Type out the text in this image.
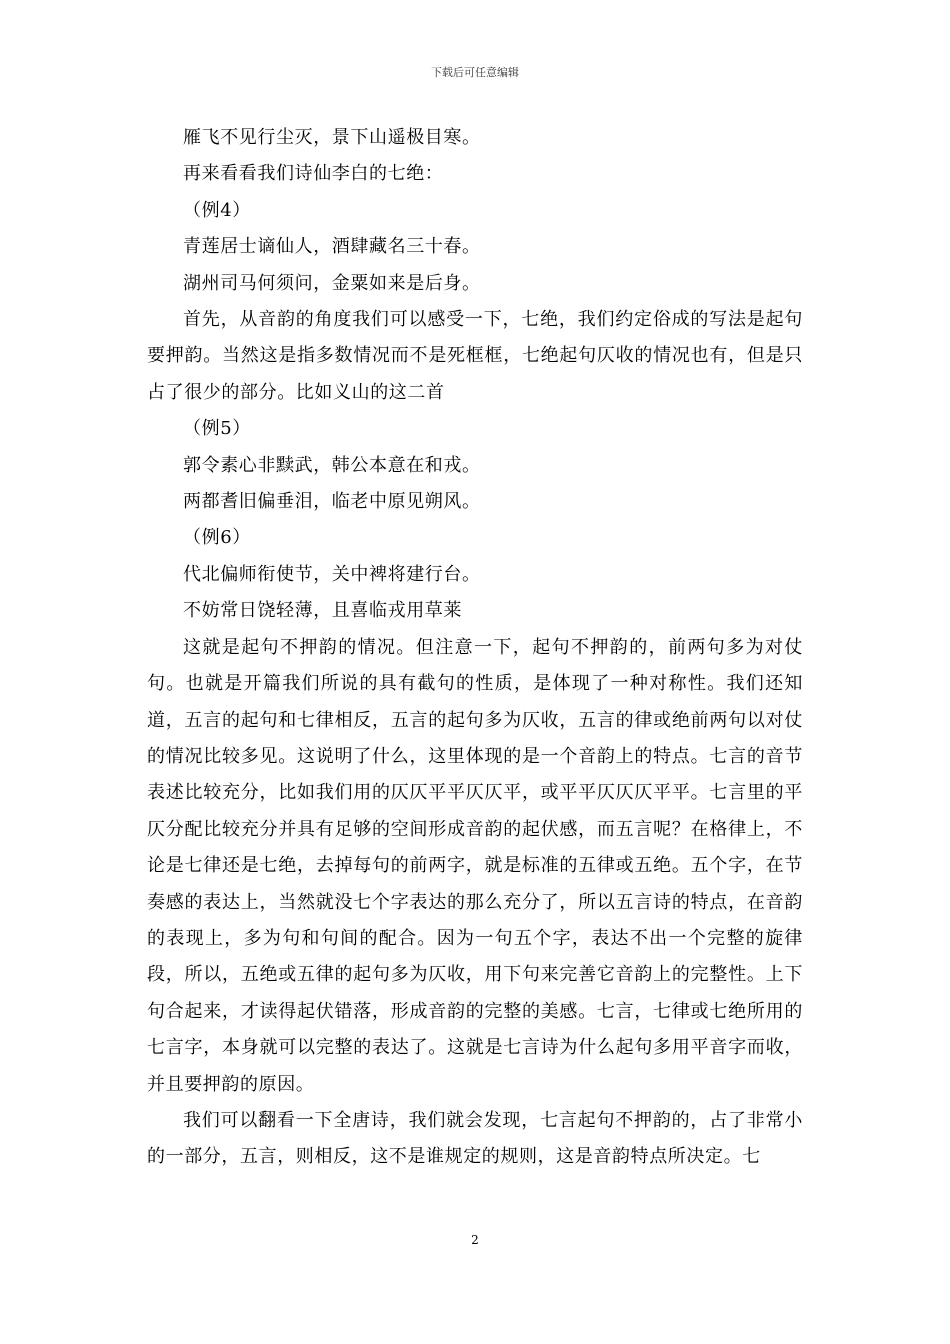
下载后可任意编辑

雁飞不见行尘灭，景下山遥极目寒。

再来看看我们诗仙李白的七绝：

（例4）

青莲居士谪仙人，酒肆藏名三十春。

湖州司马何须问，金粟如来是后身。

首先，从音韵的角度我们可以感受一下，七绝，我们约定俗成的写法是起句要押韵。当然这是指多数情况而不是死框框，七绝起句仄收的情况也有，但是只占了很少的部分。比如义山的这二首

（例5）

郭令素心非黩武，韩公本意在和戎。

两都耆旧偏垂泪，临老中原见朔风。

（例6）

代北偏师衔使节，关中裨将建行台。

不妨常日饶轻薄，且喜临戎用草莱

这就是起句不押韵的情况。但注意一下，起句不押韵的，前两句多为对仗句。也就是开篇我们所说的具有截句的性质，是体现了一种对称性。我们还知道，五言的起句和七律相反，五言的起句多为仄收，五言的律或绝前两句以对仗的情况比较多见。这说明了什么，这里体现的是一个音韵上的特点。七言的音节表述比较充分，比如我们用的仄仄平平仄仄平，或平平仄仄仄平平。七言里的平仄分配比较充分并具有足够的空间形成音韵的起伏感，而五言呢？在格律上，不论是七律还是七绝，去掉每句的前两字，就是标准的五律或五绝。五个字，在节奏感的表达上，当然就没七个字表达的那么充分了，所以五言诗的特点，在音韵的表现上，多为句和句间的配合。因为一句五个字，表达不出一个完整的旋律段，所以，五绝或五律的起句多为仄收，用下句来完善它音韵上的完整性。上下句合起来，才读得起伏错落，形成音韵的完整的美感。七言，七律或七绝所用的七言字，本身就可以完整的表达了。这就是七言诗为什么起句多用平音字而收，并且要押韵的原因。

我们可以翻看一下全唐诗，我们就会发现，七言起句不押韵的，占了非常小的一部分，五言，则相反，这不是谁规定的规则，这是音韵特点所决定。七

2
